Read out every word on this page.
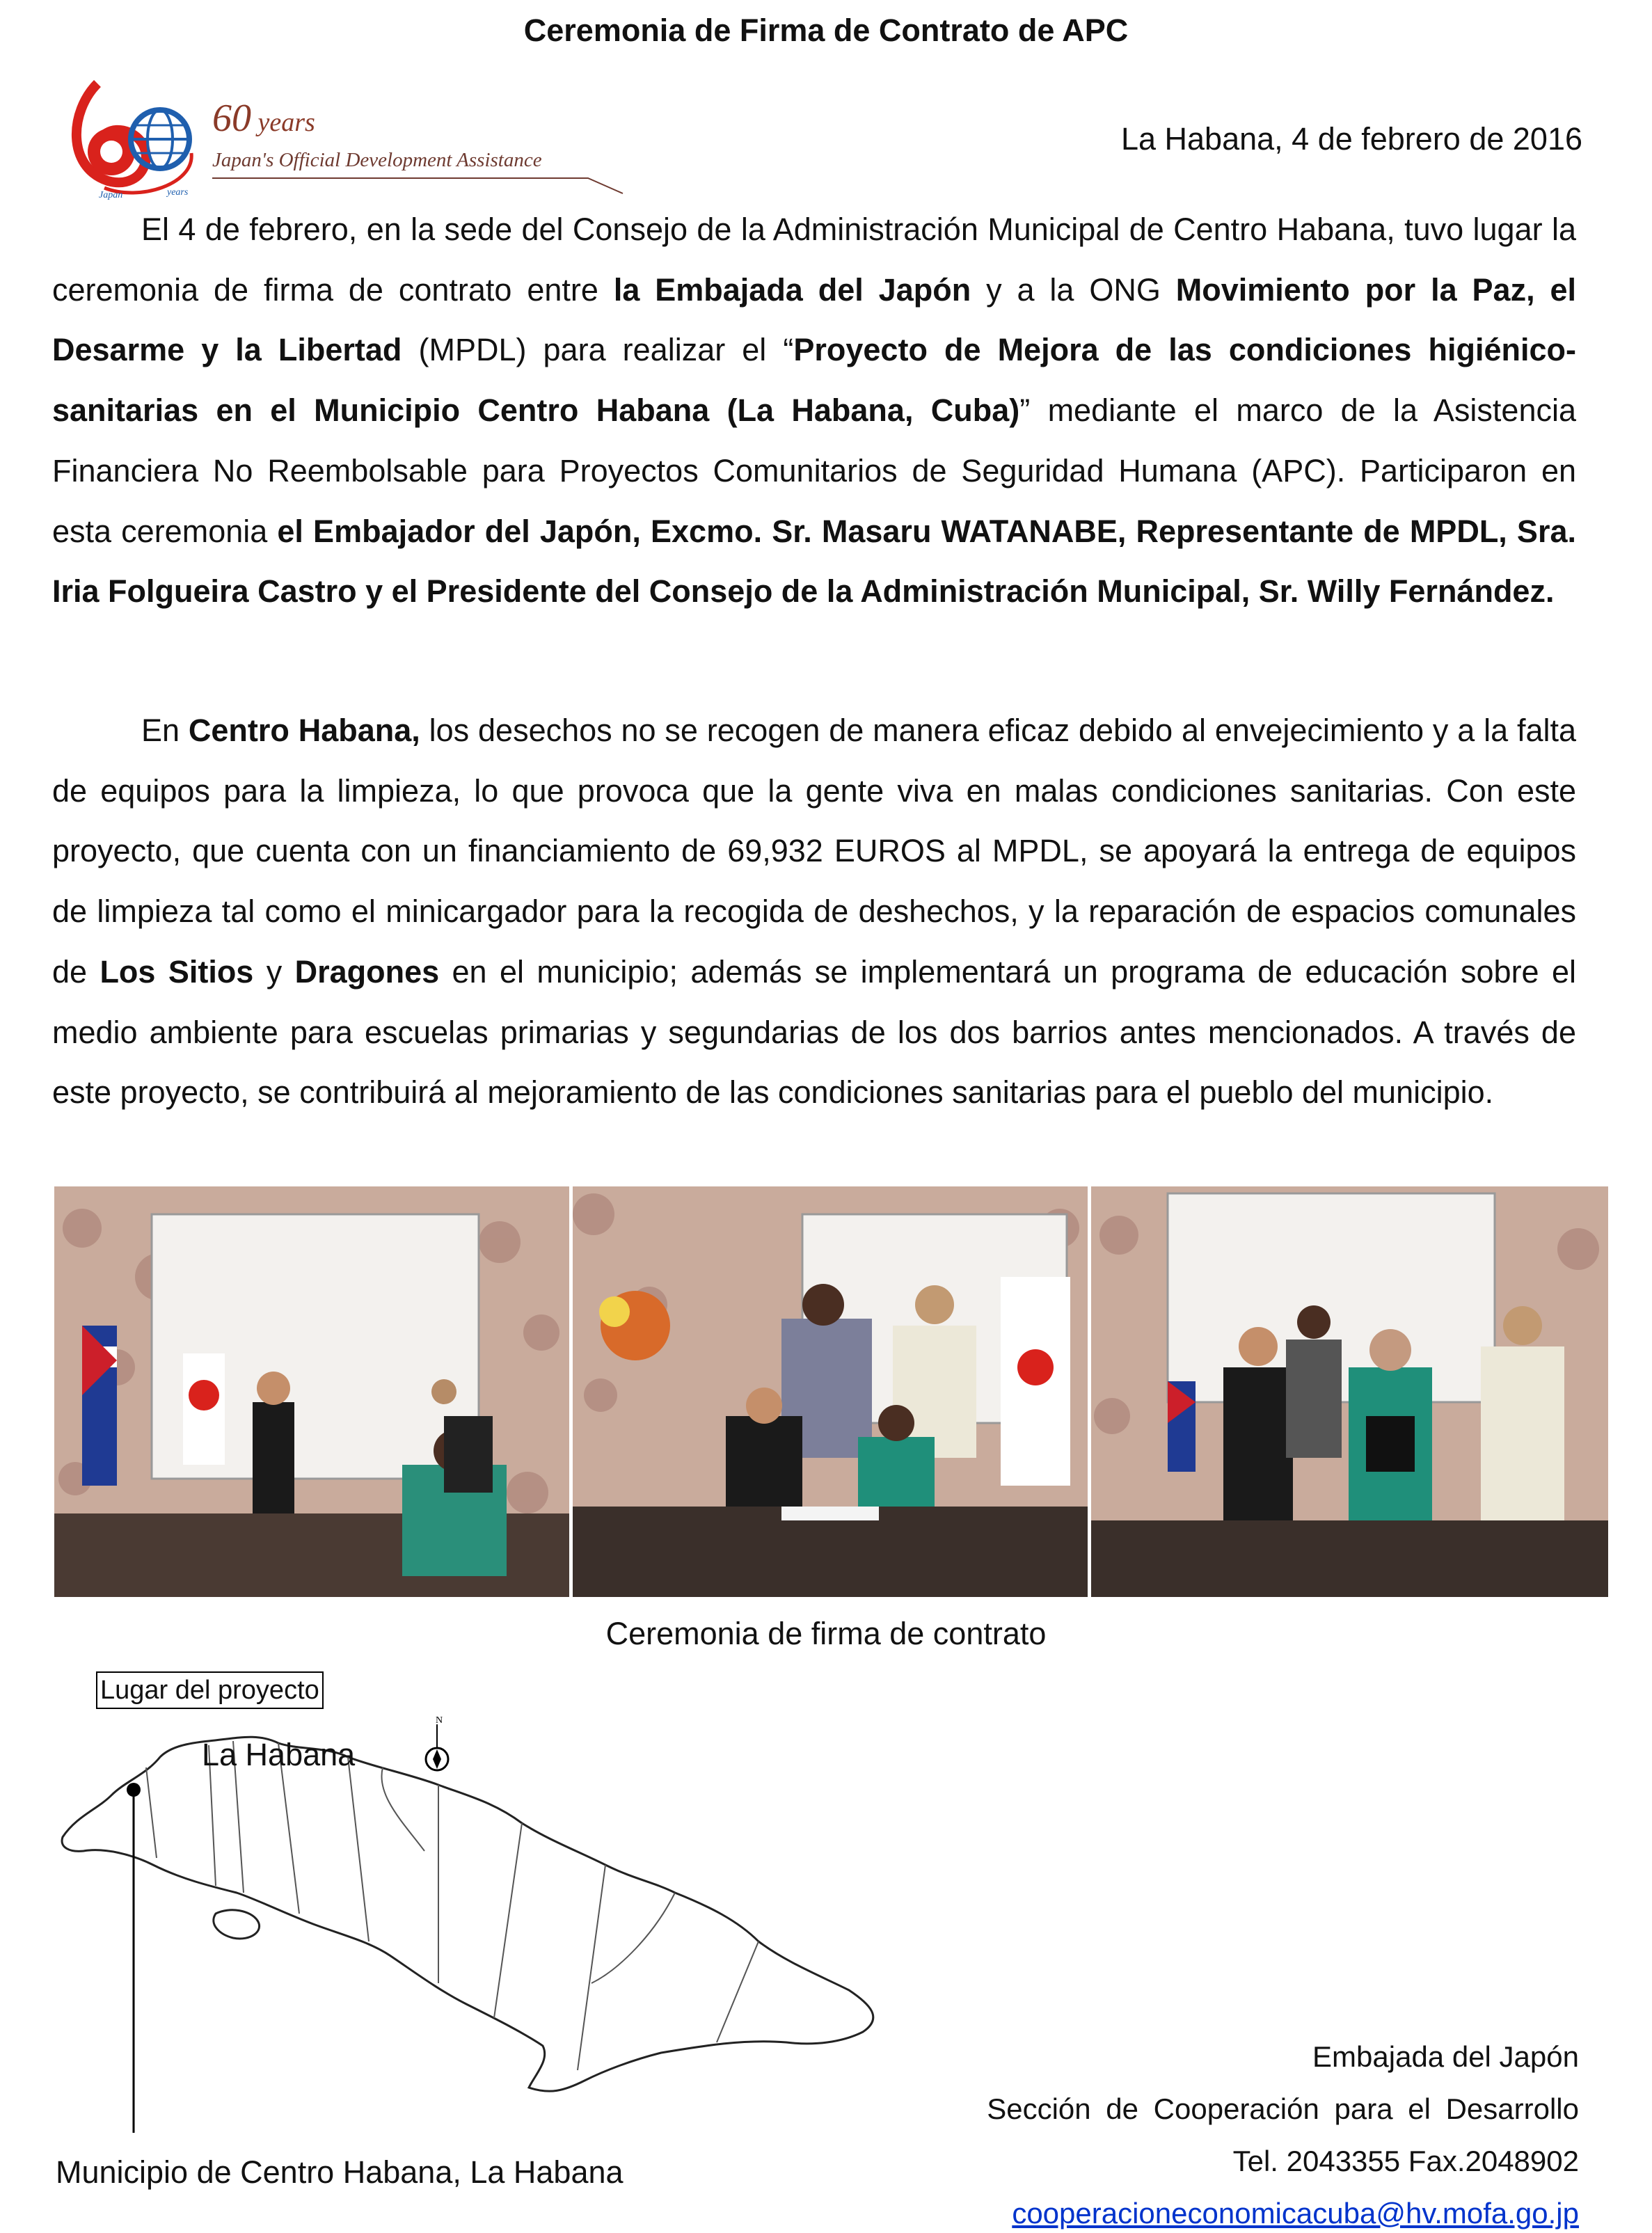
Ceremonia de Firma de Contrato de APC
Japan	years
60 years
Japan's Official Development Assistance
La Habana, 4 de febrero de 2016

El 4 de febrero, en la sede del Consejo de la Administración Municipal de Centro Habana, tuvo lugar la ceremonia de firma de contrato entre la Embajada del Japón y a la ONG Movimiento por la Paz, el Desarme y la Libertad (MPDL) para realizar el “Proyecto de Mejora de las condiciones higiénico-sanitarias en el Municipio Centro Habana (La Habana, Cuba)” mediante el marco de la Asistencia Financiera No Reembolsable para Proyectos Comunitarios de Seguridad Humana (APC). Participaron en esta ceremonia el Embajador del Japón, Excmo. Sr. Masaru WATANABE, Representante de MPDL, Sra. Iria Folgueira Castro y el Presidente del Consejo de la Administración Municipal, Sr. Willy Fernández.

En Centro Habana, los desechos no se recogen de manera eficaz debido al envejecimiento y a la falta de equipos para la limpieza, lo que provoca que la gente viva en malas condiciones sanitarias. Con este proyecto, que cuenta con un financiamiento de 69,932 EUROS al MPDL, se apoyará la entrega de equipos de limpieza tal como el minicargador para la recogida de deshechos, y la reparación de espacios comunales de Los Sitios y Dragones en el municipio; además se implementará un programa de educación sobre el medio ambiente para escuelas primarias y segundarias de los dos barrios antes mencionados. A través de este proyecto, se contribuirá al mejoramiento de las condiciones sanitarias para el pueblo del municipio.

Ceremonia de firma de contrato
N
Lugar del proyecto
La Habana
Municipio de Centro Habana, La Habana
Embajada del Japón
Sección de Cooperación para el Desarrollo
Tel. 2043355 Fax.2048902
cooperacioneconomicacuba@hv.mofa.go.jp
